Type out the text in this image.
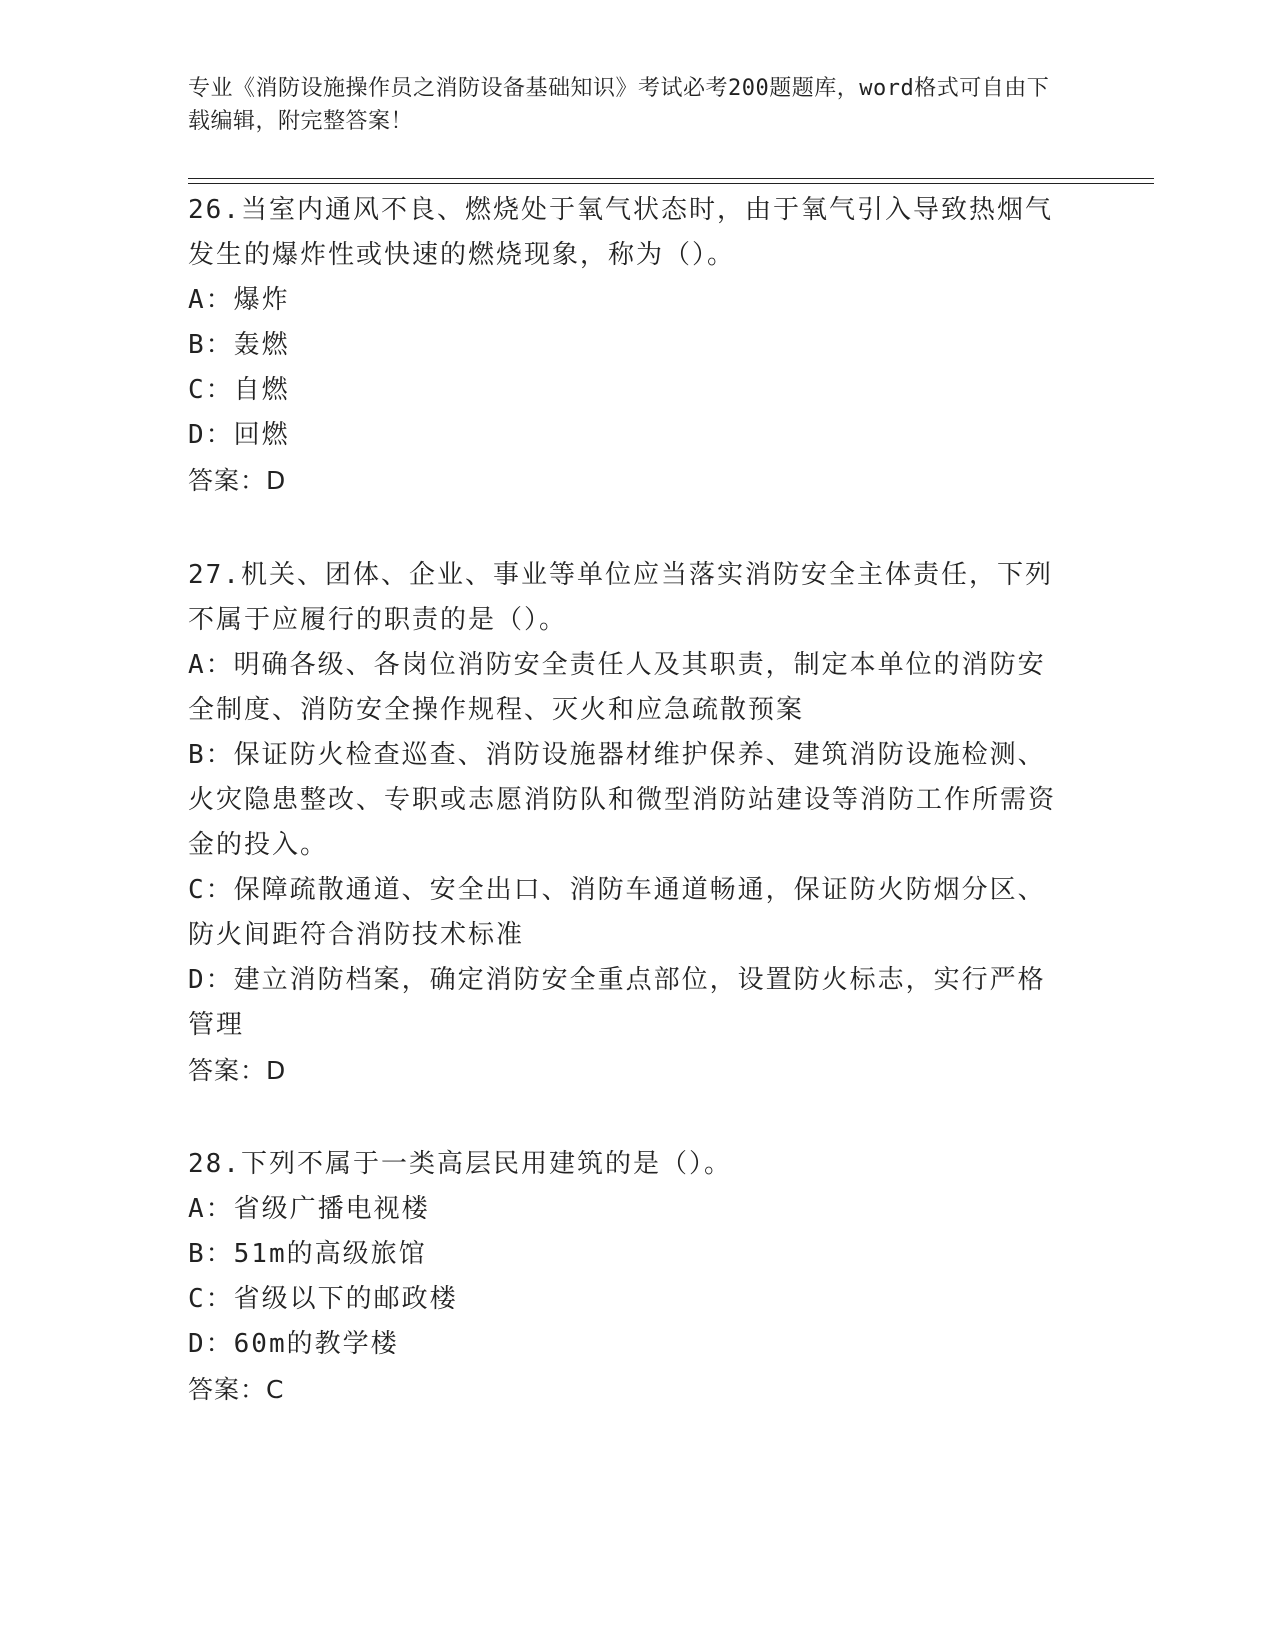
专业《消防设施操作员之消防设备基础知识》考试必考200题题库，word格式可自由下载编辑，附完整答案！
26.当室内通风不良、燃烧处于氧气状态时，由于氧气引入导致热烟气发生的爆炸性或快速的燃烧现象，称为（）。
A：爆炸
B：轰燃
C：自燃
D：回燃
答案：D
27.机关、团体、企业、事业等单位应当落实消防安全主体责任，下列不属于应履行的职责的是（）。
A：明确各级、各岗位消防安全责任人及其职责，制定本单位的消防安全制度、消防安全操作规程、灭火和应急疏散预案
B：保证防火检查巡查、消防设施器材维护保养、建筑消防设施检测、火灾隐患整改、专职或志愿消防队和微型消防站建设等消防工作所需资金的投入。
C：保障疏散通道、安全出口、消防车通道畅通，保证防火防烟分区、防火间距符合消防技术标准
D：建立消防档案，确定消防安全重点部位，设置防火标志，实行严格管理
答案：D
28.下列不属于一类高层民用建筑的是（）。
A：省级广播电视楼
B：51m的高级旅馆
C：省级以下的邮政楼
D：60m的教学楼
答案：C
